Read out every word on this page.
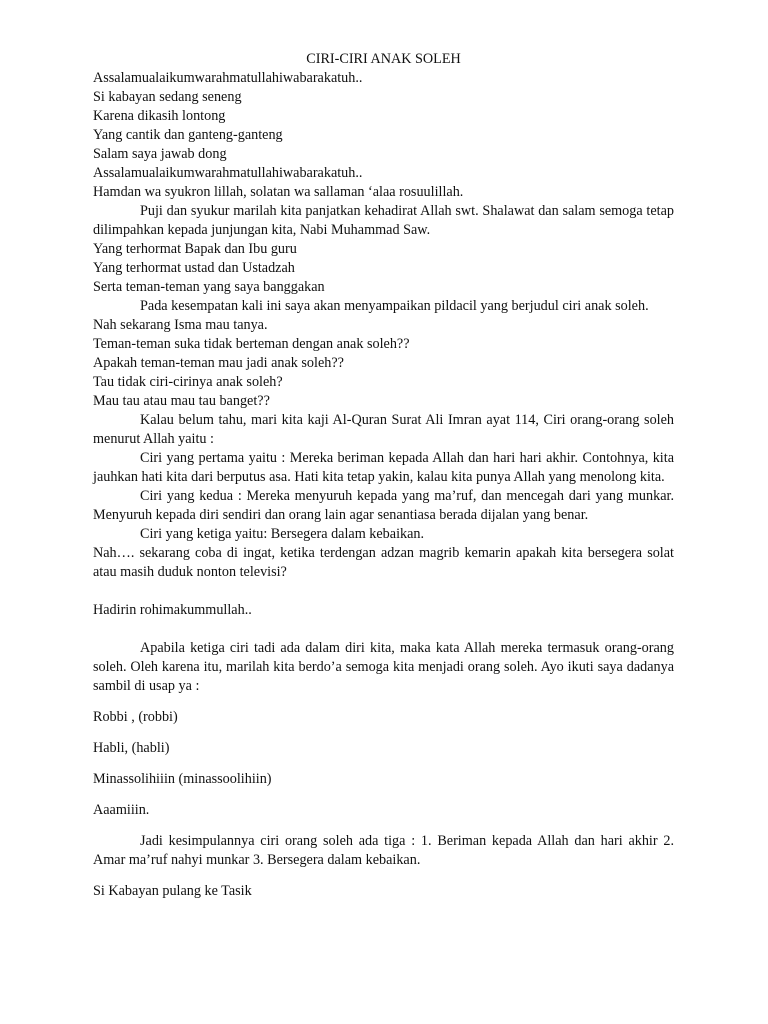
CIRI-CIRI ANAK SOLEH

Assalamualaikumwarahmatullahiwabarakatuh..

Si kabayan sedang seneng

Karena dikasih lontong

Yang cantik dan ganteng-ganteng

Salam saya jawab dong

Assalamualaikumwarahmatullahiwabarakatuh..

Hamdan wa syukron lillah, solatan wa sallaman ‘alaa rosuulillah.

Puji dan syukur marilah kita panjatkan kehadirat Allah swt. Shalawat dan salam semoga tetap dilimpahkan kepada junjungan kita, Nabi Muhammad Saw.

Yang terhormat Bapak dan Ibu guru

Yang terhormat ustad dan Ustadzah

Serta teman-teman yang saya banggakan

Pada kesempatan kali ini saya akan menyampaikan pildacil yang berjudul ciri anak soleh.

Nah sekarang Isma mau tanya.

Teman-teman suka tidak berteman dengan anak soleh??

Apakah teman-teman mau jadi anak soleh??

Tau tidak ciri-cirinya anak soleh?

Mau tau atau mau tau banget??

Kalau belum tahu, mari kita kaji Al-Quran Surat Ali Imran ayat 114, Ciri orang-orang soleh menurut Allah yaitu :

Ciri yang pertama yaitu : Mereka beriman kepada Allah dan hari hari akhir. Contohnya, kita jauhkan hati kita dari berputus asa. Hati kita tetap yakin, kalau kita punya Allah yang menolong kita.

Ciri yang kedua : Mereka menyuruh kepada yang ma’ruf, dan mencegah dari yang munkar. Menyuruh kepada diri sendiri dan orang lain agar senantiasa berada dijalan yang benar.

Ciri yang ketiga yaitu: Bersegera dalam kebaikan.

Nah…. sekarang coba di ingat, ketika terdengan adzan magrib kemarin apakah kita bersegera solat atau masih duduk nonton televisi?

Hadirin rohimakummullah..

Apabila ketiga ciri tadi ada dalam diri kita, maka kata Allah mereka termasuk orang-orang soleh. Oleh karena itu, marilah kita berdo’a semoga kita menjadi orang soleh. Ayo ikuti saya dadanya sambil di usap ya :

Robbi , (robbi)

Habli, (habli)

Minassolihiiin (minassoolihiin)

Aaamiiin.

Jadi kesimpulannya ciri orang soleh ada tiga : 1. Beriman kepada Allah dan hari akhir 2. Amar ma’ruf nahyi munkar 3. Bersegera dalam kebaikan.

Si Kabayan pulang ke Tasik
